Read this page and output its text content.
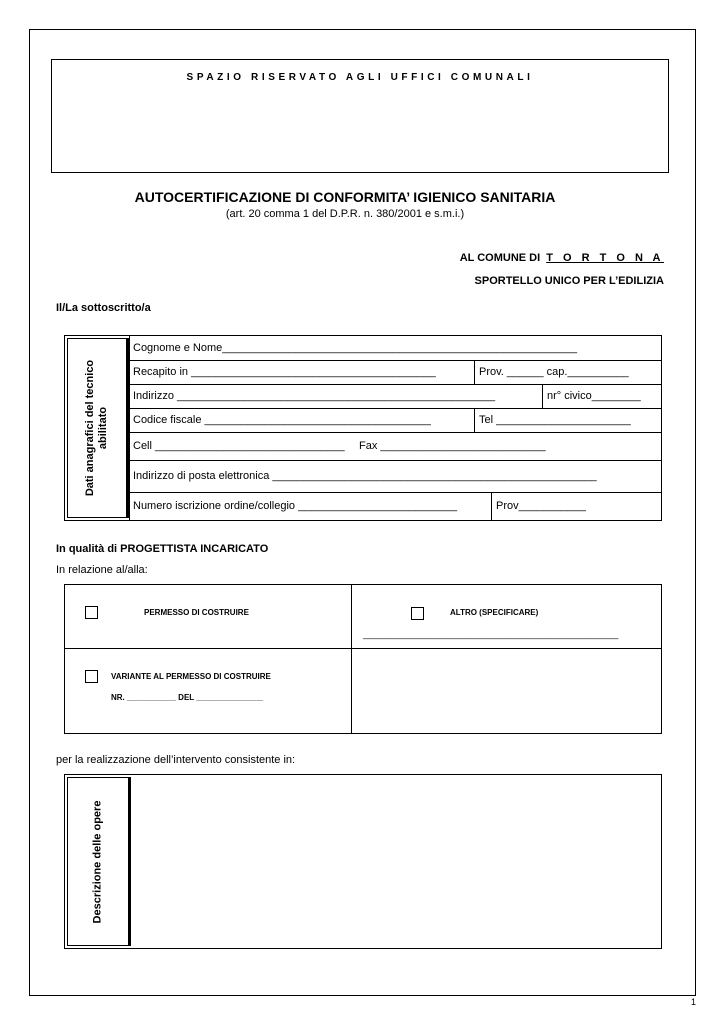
SPAZIO RISERVATO AGLI UFFICI COMUNALI
AUTOCERTIFICAZIONE DI CONFORMITA’ IGIENICO SANITARIA
(art. 20 comma 1 del D.P.R. n. 380/2001 e s.m.i.)
AL COMUNE DI T O R T O N A
SPORTELLO UNICO PER L’EDILIZIA
Il/La sottoscritto/a
Dati anagrafici del tecnico abilitato
Cognome e Nome__________________________________________________________
Recapito in ________________________________________	Prov. ______ cap.__________
Indirizzo ____________________________________________________	nr° civico________
Codice fiscale _____________________________________	Tel ______________________
Cell _______________________________	Fax ___________________________
Indirizzo di posta elettronica _____________________________________________________
Numero iscrizione ordine/collegio __________________________	Prov___________
In qualità di PROGETTISTA INCARICATO
In relazione al/alla:
PERMESSO DI COSTRUIRE	ALTRO (SPECIFICARE)
___________________________________________________
VARIANTE AL PERMESSO DI COSTRUIRE
NR. ___________ DEL _______________
per la realizzazione dell’intervento consistente in:
Descrizione delle opere
1
